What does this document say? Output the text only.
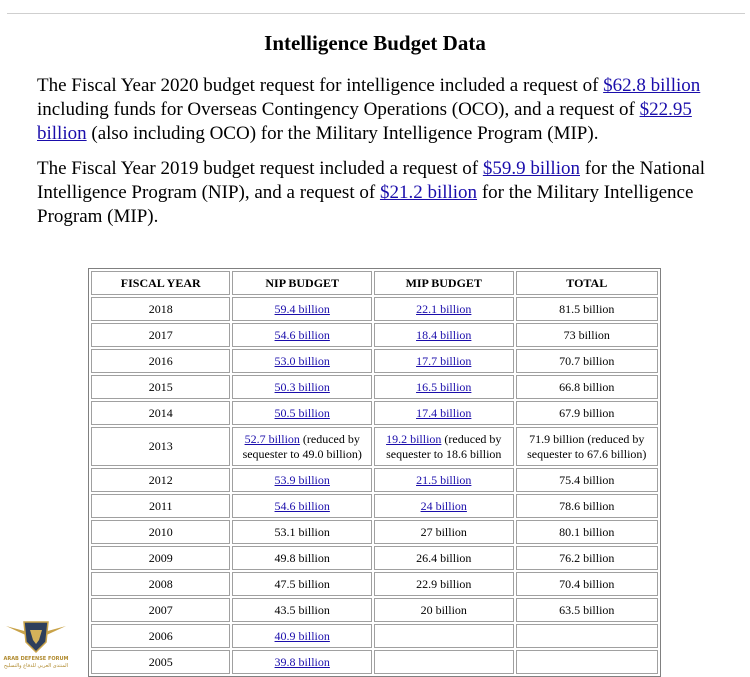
Intelligence Budget Data

The Fiscal Year 2020 budget request for intelligence included a request of $62.8 billion including funds for Overseas Contingency Operations (OCO), and a request of $22.95 billion (also including OCO) for the Military Intelligence Program (MIP).

The Fiscal Year 2019 budget request included a request of $59.9 billion for the National Intelligence Program (NIP), and a request of $21.2 billion for the Military Intelligence Program (MIP).

FISCAL YEAR	NIP BUDGET	MIP BUDGET	TOTAL
2018	59.4 billion	22.1 billion	81.5 billion
2017	54.6 billion	18.4 billion	73 billion
2016	53.0 billion	17.7 billion	70.7 billion
2015	50.3 billion	16.5 billion	66.8 billion
2014	50.5 billion	17.4 billion	67.9 billion
2013	52.7 billion (reduced by sequester to 49.0 billion)	19.2 billion (reduced by sequester to 18.6 billion	71.9 billion (reduced by sequester to 67.6 billion)
2012	53.9 billion	21.5 billion	75.4 billion
2011	54.6 billion	24 billion	78.6 billion
2010	53.1 billion	27 billion	80.1 billion
2009	49.8 billion	26.4 billion	76.2 billion
2008	47.5 billion	22.9 billion	70.4 billion
2007	43.5 billion	20 billion	63.5 billion
2006	40.9 billion		
2005	39.8 billion		
ARAB DEFENSE FORUM
المنتدى العربي للدفاع والتسليح
